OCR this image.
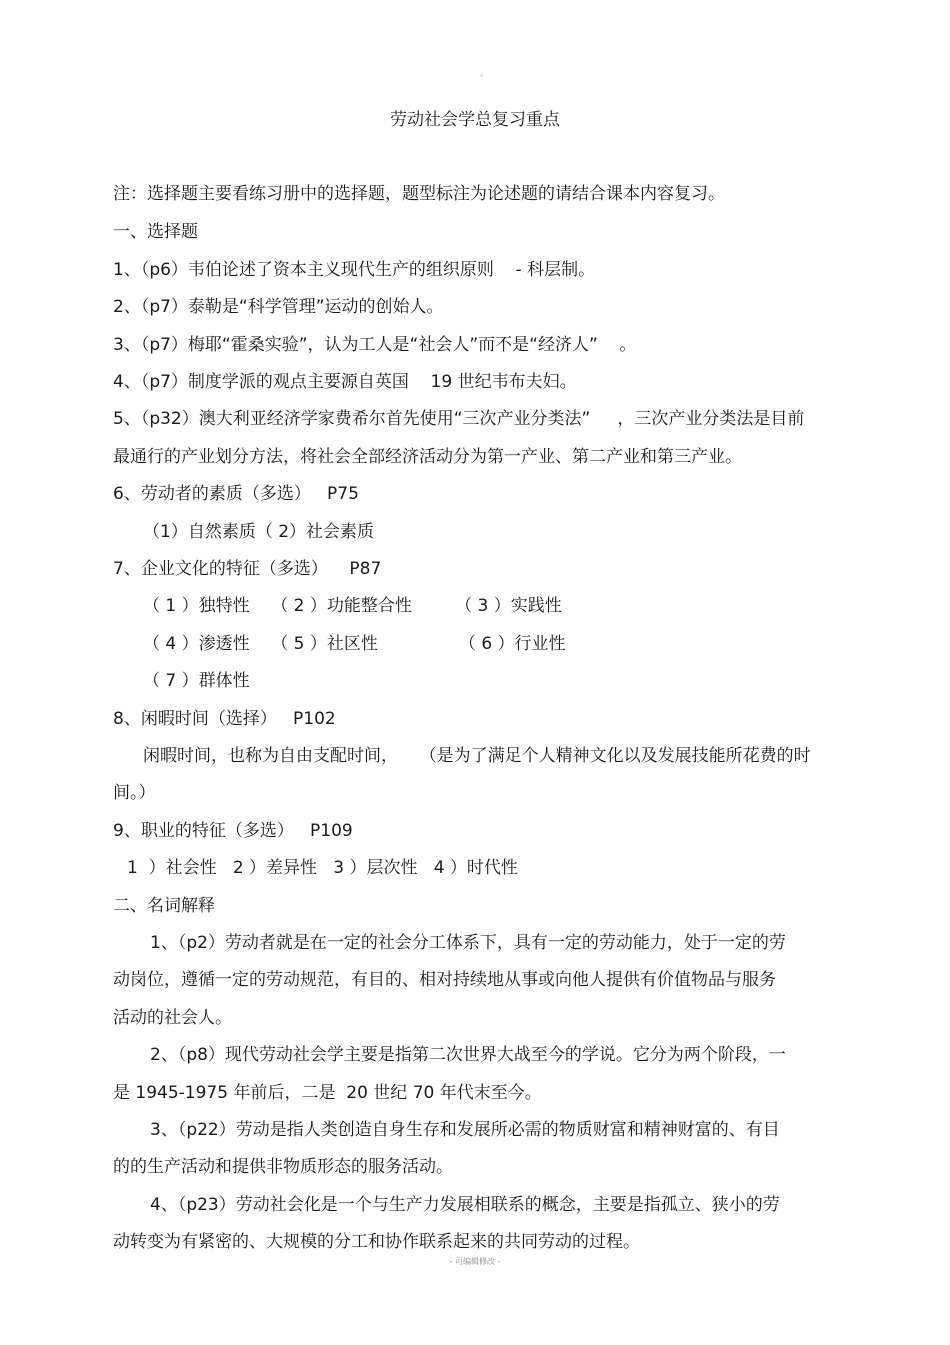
。
劳动社会学总复习重点

注：选择题主要看练习册中的选择题，题型标注为论述题的请结合课本内容复习。

一、选择题

1、（p6）韦伯论述了资本主义现代生产的组织原则    - 科层制。

2、（p7）泰勒是“科学管理”运动的创始人。

3、（p7）梅耶“霍桑实验”，认为工人是“社会人”而不是“经济人”    。

4、（p7）制度学派的观点主要源自英国    19 世纪韦布夫妇。

5、（p32）澳大利亚经济学家费希尔首先使用“三次产业分类法”     ，三次产业分类法是目前

最通行的产业划分方法，将社会全部经济活动分为第一产业、第二产业和第三产业。

6、劳动者的素质（多选）   P75

（1）自然素质（ 2）社会素质

7、企业文化的特征（多选）    P87

（ 1 ）独特性    （ 2 ）功能整合性        （ 3 ）实践性

（ 4 ）渗透性    （ 5 ）社区性               （ 6 ）行业性

（ 7 ）群体性

8、闲暇时间（选择）   P102

闲暇时间，也称为自由支配时间，    （是为了满足个人精神文化以及发展技能所花费的时

间。）

9、职业的特征（多选）   P109

1  ）社会性   2 ）差异性   3 ）层次性   4 ）时代性

二、名词解释

1、（p2）劳动者就是在一定的社会分工体系下，具有一定的劳动能力，处于一定的劳

动岗位，遵循一定的劳动规范，有目的、相对持续地从事或向他人提供有价值物品与服务

活动的社会人。

2、（p8）现代劳动社会学主要是指第二次世界大战至今的学说。它分为两个阶段，一

是 1945-1975 年前后，二是  20 世纪 70 年代末至今。

3、（p22）劳动是指人类创造自身生存和发展所必需的物质财富和精神财富的、有目

的的生产活动和提供非物质形态的服务活动。

4、（p23）劳动社会化是一个与生产力发展相联系的概念，主要是指孤立、狭小的劳

动转变为有紧密的、大规模的分工和协作联系起来的共同劳动的过程。

- 可编辑修改 -
